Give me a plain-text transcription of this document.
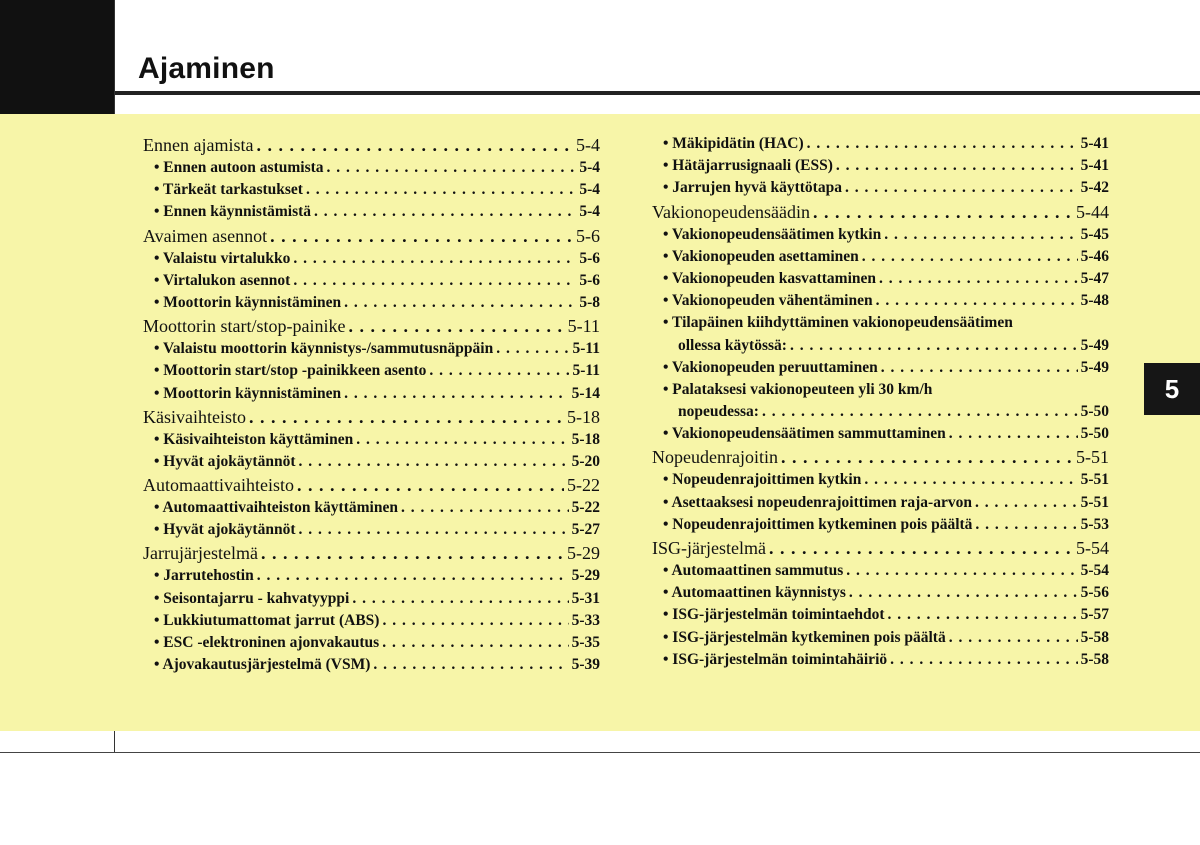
Ajaminen
5
Ennen ajamista . . .	5-4
• Ennen autoon astumista . . .	5-4
• Tärkeät tarkastukset . . .	5-4
• Ennen käynnistämistä . . .	5-4
Avaimen asennot . . .	5-6
• Valaistu virtalukko . . .	5-6
• Virtalukon asennot . . .	5-6
• Moottorin käynnistäminen . . .	5-8
Moottorin start/stop-painike . . .	5-11
• Valaistu moottorin käynnistys-/sammutusnäppäin . . .	5-11
• Moottorin start/stop -painikkeen asento . . .	5-11
• Moottorin käynnistäminen . . .	5-14
Käsivaihteisto . . .	5-18
• Käsivaihteiston käyttäminen . . .	5-18
• Hyvät ajokäytännöt . . .	5-20
Automaattivaihteisto . . .	5-22
• Automaattivaihteiston käyttäminen . . .	5-22
• Hyvät ajokäytännöt . . .	5-27
Jarrujärjestelmä . . .	5-29
• Jarrutehostin . . .	5-29
• Seisontajarru - kahvatyyppi . . .	5-31
• Lukkiutumattomat jarrut (ABS) . . .	5-33
• ESC -elektroninen ajonvakautus . . .	5-35
• Ajovakautusjärjestelmä (VSM) . . .	5-39
• Mäkipidätin (HAC) . . .	5-41
• Hätäjarrusignaali (ESS) . . .	5-41
• Jarrujen hyvä käyttötapa . . .	5-42
Vakionopeudensäädin . . .	5-44
• Vakionopeudensäätimen kytkin . . .	5-45
• Vakionopeuden asettaminen . . .	5-46
• Vakionopeuden kasvattaminen . . .	5-47
• Vakionopeuden vähentäminen . . .	5-48
• Tilapäinen kiihdyttäminen vakionopeudensäätimen
ollessa käytössä: . . .	5-49
• Vakionopeuden peruuttaminen . . .	5-49
• Palataksesi vakionopeuteen yli 30 km/h
nopeudessa: . . .	5-50
• Vakionopeudensäätimen sammuttaminen . . .	5-50
Nopeudenrajoitin . . .	5-51
• Nopeudenrajoittimen kytkin . . .	5-51
• Asettaaksesi nopeudenrajoittimen raja-arvon . . .	5-51
• Nopeudenrajoittimen kytkeminen pois päältä . . .	5-53
ISG-järjestelmä . . .	5-54
• Automaattinen sammutus . . .	5-54
• Automaattinen käynnistys . . .	5-56
• ISG-järjestelmän toimintaehdot . . .	5-57
• ISG-järjestelmän kytkeminen pois päältä . . .	5-58
• ISG-järjestelmän toimintahäiriö . . .	5-58
